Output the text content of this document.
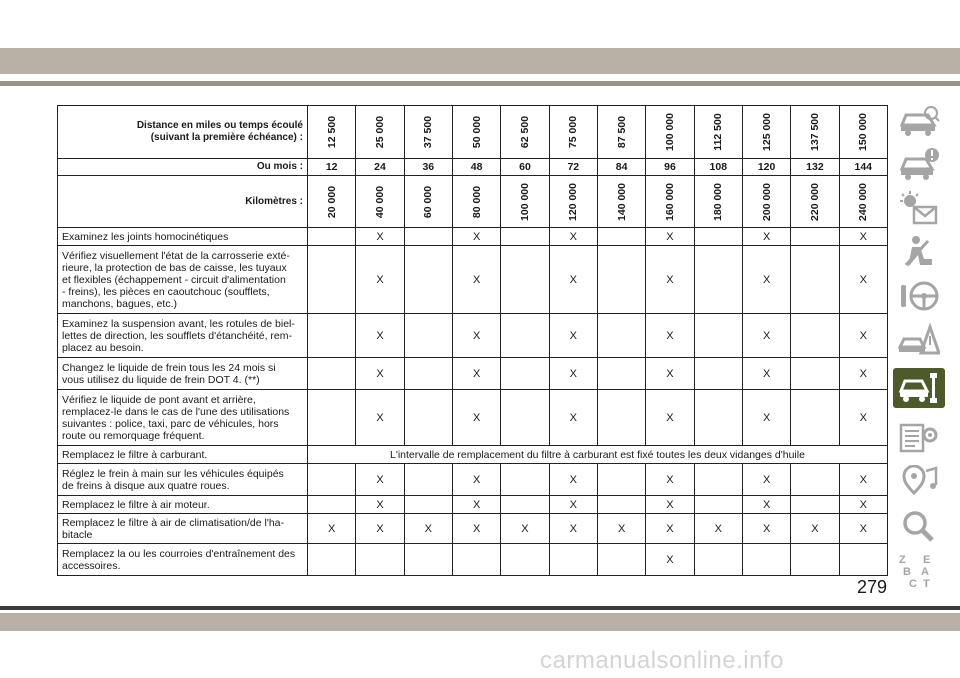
Distance en miles ou temps écoulé
(suivant la première échéance) :	12 500	25 000	37 500	50 000	62 500	75 000	87 500	100 000	112 500	125 000	137 500	150 000

Ou mois :	12	24	36	48	60	72	84	96	108	120	132	144
Kilomètres :	20 000	40 000	60 000	80 000	100 000	120 000	140 000	160 000	180 000	200 000	220 000	240 000

Examinez les joints homocinétiques		X		X		X		X		X		X
Vérifiez visuellement l'état de la carrosserie exté-
rieure, la protection de bas de caisse, les tuyaux
et flexibles (échappement - circuit d'alimentation
- freins), les pièces en caoutchouc (soufflets,
manchons, bagues, etc.)		X		X		X		X		X		X
Examinez la suspension avant, les rotules de biel-
lettes de direction, les soufflets d'étanchéité, rem-
placez au besoin.		X		X		X		X		X		X
Changez le liquide de frein tous les 24 mois si
vous utilisez du liquide de frein DOT 4. (**)		X		X		X		X		X		X
Vérifiez le liquide de pont avant et arrière,
remplacez-le dans le cas de l'une des utilisations
suivantes : police, taxi, parc de véhicules, hors
route ou remorquage fréquent.		X		X		X		X		X		X
Remplacez le filtre à carburant.	L'intervalle de remplacement du filtre à carburant est fixé toutes les deux vidanges d'huile											
Réglez le frein à main sur les véhicules équipés
de freins à disque aux quatre roues.		X		X		X		X		X		X
Remplacez le filtre à air moteur.		X		X		X		X		X		X
Remplacez le filtre à air de climatisation/de l'ha-
bitacle	X	X	X	X	X	X	X	X	X	X	X	X
Remplacez la ou les courroies d'entraînement des
accessoires.								X					Z E
B A
C T
279
carmanualsonline.info
